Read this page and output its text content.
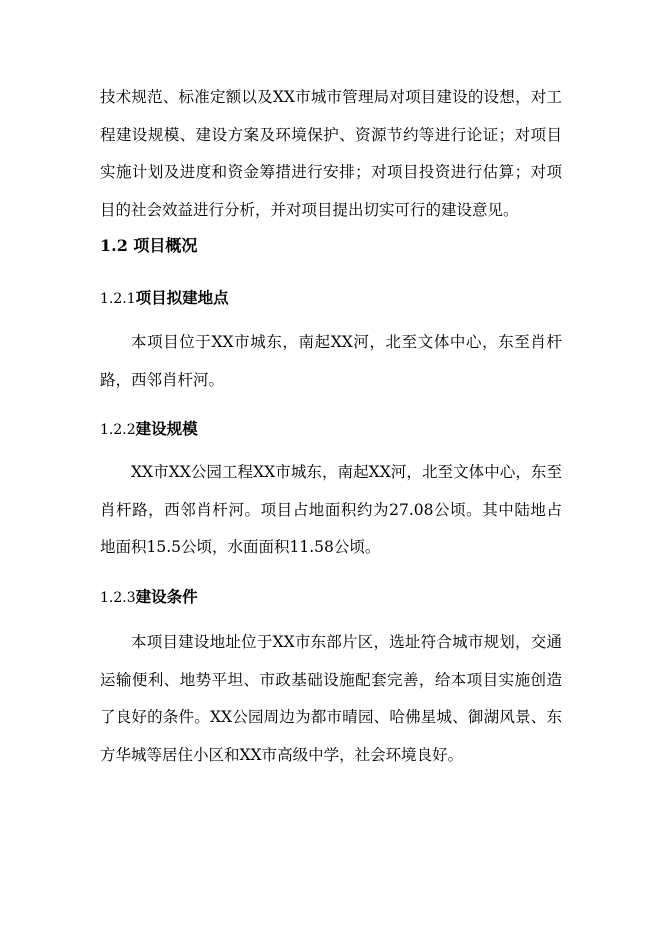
技术规范、标准定额以及XX市城市管理局对项目建设的设想，对工程建设规模、建设方案及环境保护、资源节约等进行论证；对项目实施计划及进度和资金筹措进行安排；对项目投资进行估算；对项目的社会效益进行分析，并对项目提出切实可行的建设意见。

1.2 项目概况
1.2.1项目拟建地点

本项目位于XX市城东，南起XX河，北至文体中心，东至肖杆路，西邻肖杆河。

1.2.2建设规模

XX市XX公园工程XX市城东，南起XX河，北至文体中心，东至肖杆路，西邻肖杆河。项目占地面积约为27.08公顷。其中陆地占地面积15.5公顷，水面面积11.58公顷。

1.2.3建设条件

本项目建设地址位于XX市东部片区，选址符合城市规划，交通运输便利、地势平坦、市政基础设施配套完善，给本项目实施创造了良好的条件。XX公园周边为都市晴园、哈佛星城、御湖风景、东方华城等居住小区和XX市高级中学，社会环境良好。
